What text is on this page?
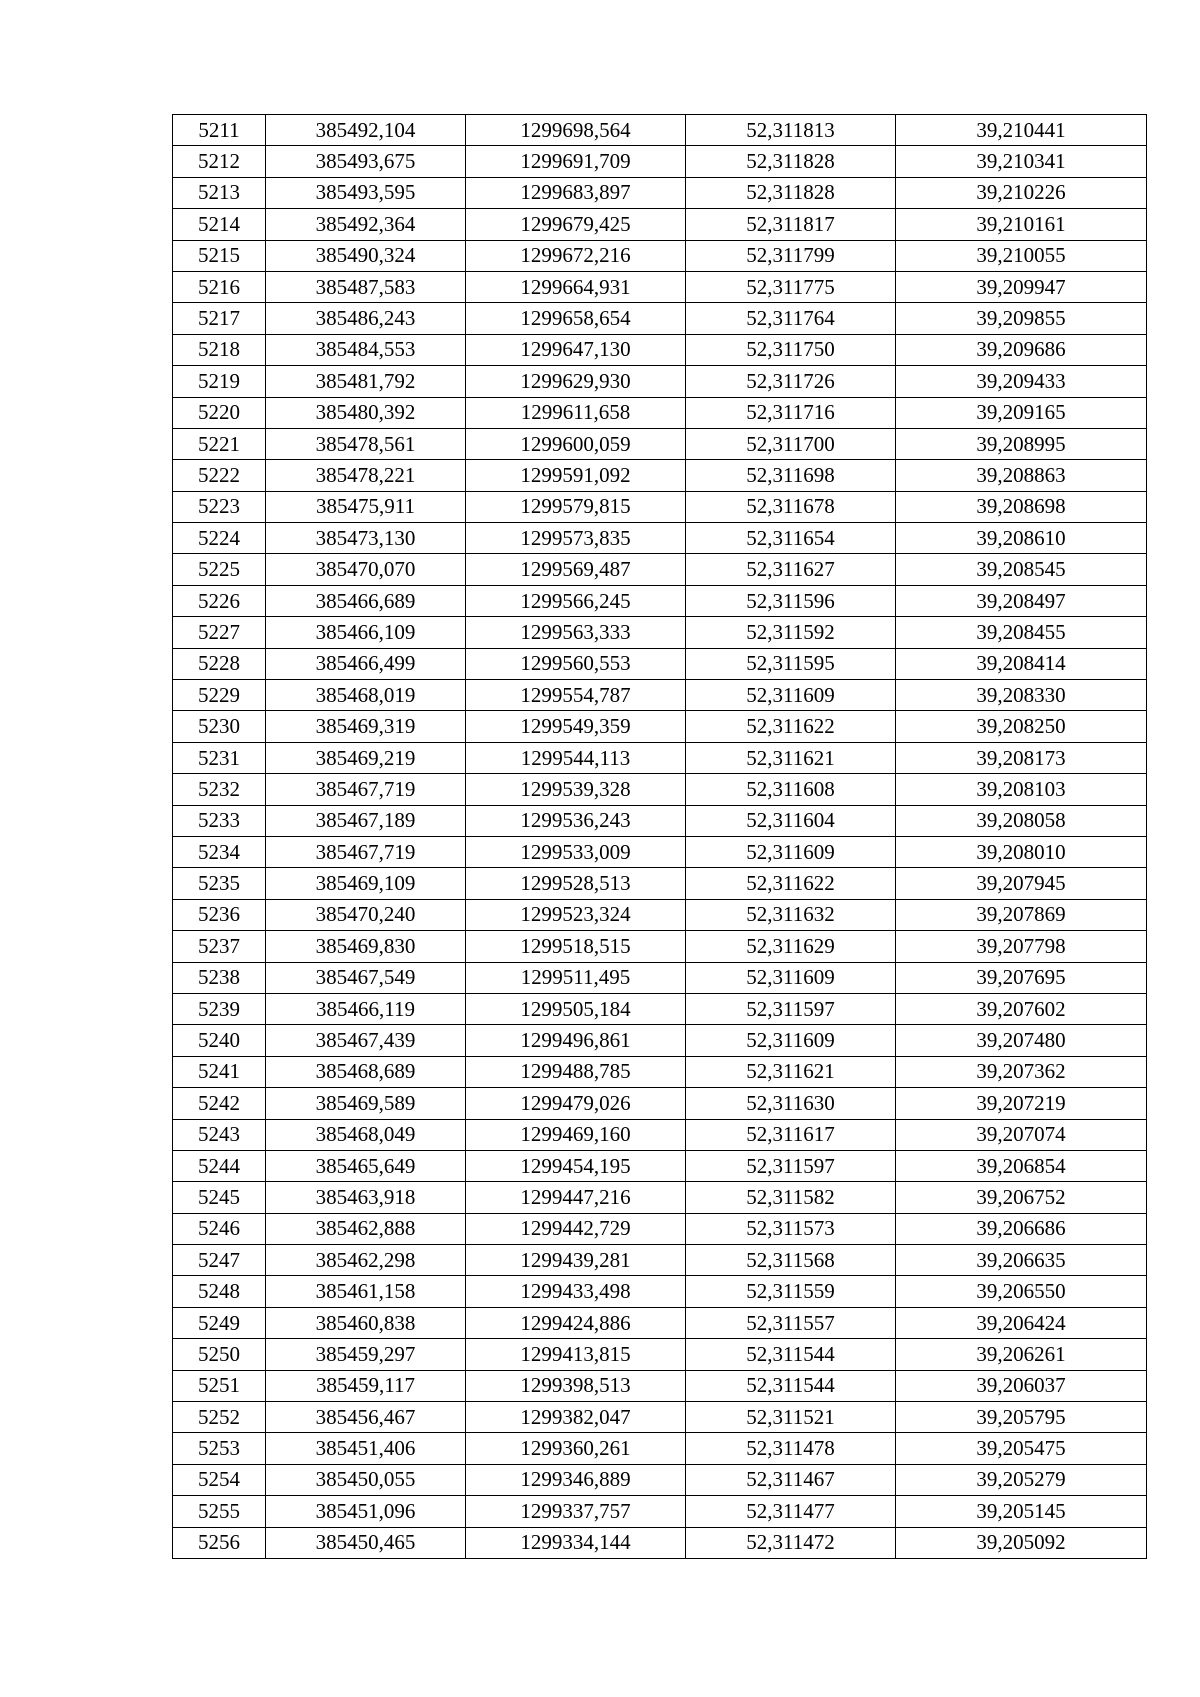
5211	385492,104	1299698,564	52,311813	39,210441
5212	385493,675	1299691,709	52,311828	39,210341
5213	385493,595	1299683,897	52,311828	39,210226
5214	385492,364	1299679,425	52,311817	39,210161
5215	385490,324	1299672,216	52,311799	39,210055
5216	385487,583	1299664,931	52,311775	39,209947
5217	385486,243	1299658,654	52,311764	39,209855
5218	385484,553	1299647,130	52,311750	39,209686
5219	385481,792	1299629,930	52,311726	39,209433
5220	385480,392	1299611,658	52,311716	39,209165
5221	385478,561	1299600,059	52,311700	39,208995
5222	385478,221	1299591,092	52,311698	39,208863
5223	385475,911	1299579,815	52,311678	39,208698
5224	385473,130	1299573,835	52,311654	39,208610
5225	385470,070	1299569,487	52,311627	39,208545
5226	385466,689	1299566,245	52,311596	39,208497
5227	385466,109	1299563,333	52,311592	39,208455
5228	385466,499	1299560,553	52,311595	39,208414
5229	385468,019	1299554,787	52,311609	39,208330
5230	385469,319	1299549,359	52,311622	39,208250
5231	385469,219	1299544,113	52,311621	39,208173
5232	385467,719	1299539,328	52,311608	39,208103
5233	385467,189	1299536,243	52,311604	39,208058
5234	385467,719	1299533,009	52,311609	39,208010
5235	385469,109	1299528,513	52,311622	39,207945
5236	385470,240	1299523,324	52,311632	39,207869
5237	385469,830	1299518,515	52,311629	39,207798
5238	385467,549	1299511,495	52,311609	39,207695
5239	385466,119	1299505,184	52,311597	39,207602
5240	385467,439	1299496,861	52,311609	39,207480
5241	385468,689	1299488,785	52,311621	39,207362
5242	385469,589	1299479,026	52,311630	39,207219
5243	385468,049	1299469,160	52,311617	39,207074
5244	385465,649	1299454,195	52,311597	39,206854
5245	385463,918	1299447,216	52,311582	39,206752
5246	385462,888	1299442,729	52,311573	39,206686
5247	385462,298	1299439,281	52,311568	39,206635
5248	385461,158	1299433,498	52,311559	39,206550
5249	385460,838	1299424,886	52,311557	39,206424
5250	385459,297	1299413,815	52,311544	39,206261
5251	385459,117	1299398,513	52,311544	39,206037
5252	385456,467	1299382,047	52,311521	39,205795
5253	385451,406	1299360,261	52,311478	39,205475
5254	385450,055	1299346,889	52,311467	39,205279
5255	385451,096	1299337,757	52,311477	39,205145
5256	385450,465	1299334,144	52,311472	39,205092
